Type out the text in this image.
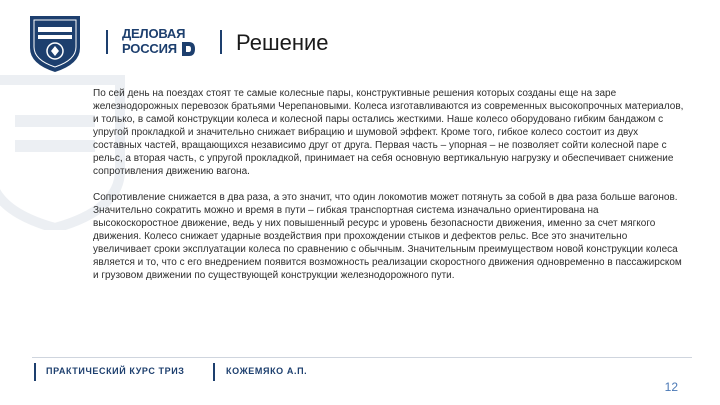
ДЕЛОВАЯ
РОССИЯ	Решение

По сей день на поездах стоят те самые колесные пары, конструктивные решения которых созданы еще на заре железнодорожных перевозок братьями Черепановыми. Колеса изготавливаются из современных высокопрочных материалов, и только, в самой конструкции колеса и колесной пары остались жесткими. Наше колесо оборудовано гибким бандажом с упругой прокладкой и значительно снижает вибрацию и шумовой эффект. Кроме того, гибкое колесо состоит из двух составных частей, вращающихся независимо друг от друга. Первая часть – упорная – не позволяет сойти колесной паре с рельс, а вторая часть, с упругой прокладкой, принимает на себя основную вертикальную нагрузку и обеспечивает снижение сопротивления движению вагона.

Сопротивление снижается в два раза, а это значит, что один локомотив может потянуть за собой в два раза больше вагонов. Значительно сократить можно и время в пути – гибкая транспортная система изначально ориентирована на высокоскоростное движение, ведь у них повышенный ресурс и уровень безопасности движения, именно за счет мягкого движения. Колесо снижает ударные воздействия при прохождении стыков и дефектов рельс. Все это значительно увеличивает сроки эксплуатации колеса по сравнению с обычным. Значительным преимуществом новой конструкции колеса является и то, что с его внедрением появится возможность реализации скоростного движения одновременно в пассажирском и грузовом движении по существующей конструкции железнодорожного пути.

ПРАКТИЧЕСКИЙ КУРС ТРИЗ	КОЖЕМЯКО А.П.
12
